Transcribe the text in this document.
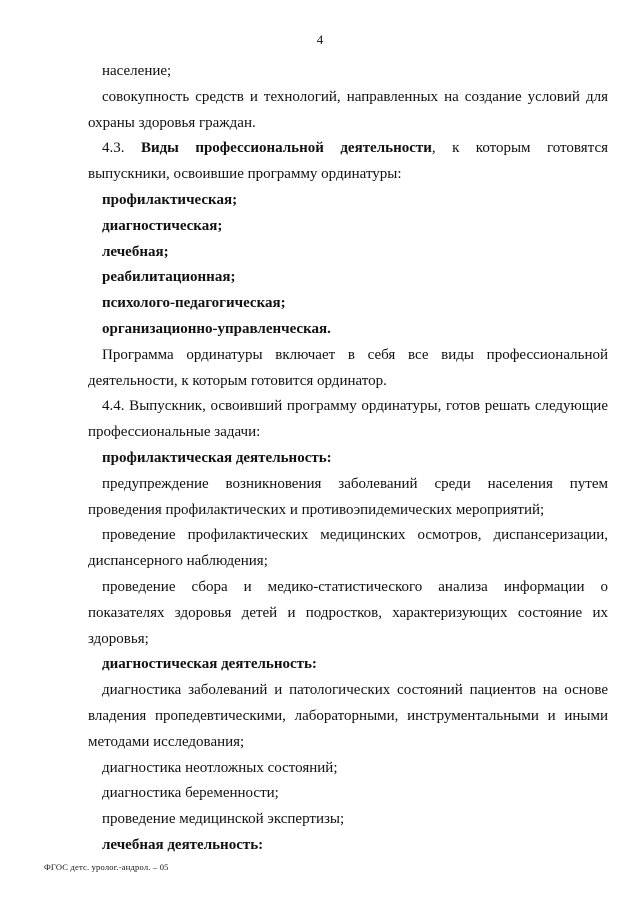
4

население;

совокупность средств и технологий, направленных на создание условий для охраны здоровья граждан.

4.3. Виды профессиональной деятельности, к которым готовятся выпускники, освоившие программу ординатуры:

профилактическая;

диагностическая;

лечебная;

реабилитационная;

психолого-педагогическая;

организационно-управленческая.

Программа ординатуры включает в себя все виды профессиональной деятельности, к которым готовится ординатор.

4.4. Выпускник, освоивший программу ординатуры, готов решать следующие профессиональные задачи:

профилактическая деятельность:

предупреждение возникновения заболеваний среди населения путем проведения профилактических и противоэпидемических мероприятий;

проведение профилактических медицинских осмотров, диспансеризации, диспансерного наблюдения;

проведение сбора и медико-статистического анализа информации о показателях здоровья детей и подростков, характеризующих состояние их здоровья;

диагностическая деятельность:

диагностика заболеваний и патологических состояний пациентов на основе владения пропедевтическими, лабораторными, инструментальными и иными методами исследования;

диагностика неотложных состояний;

диагностика беременности;

проведение медицинской экспертизы;

лечебная деятельность:

ФГОС детс. уролог.-андрол. – 05
